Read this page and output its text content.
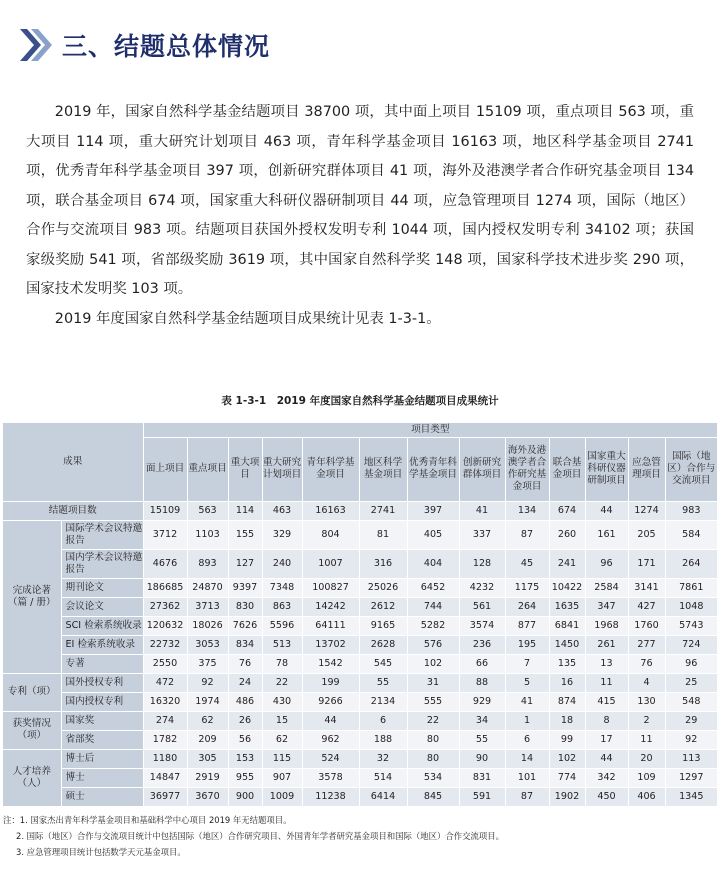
三、结题总体情况

2019 年，国家自然科学基金结题项目 38700 项，其中面上项目 15109 项，重点项目 563 项，重大项目 114 项，重大研究计划项目 463 项，青年科学基金项目 16163 项，地区科学基金项目 2741 项，优秀青年科学基金项目 397 项，创新研究群体项目 41 项，海外及港澳学者合作研究基金项目 134 项，联合基金项目 674 项，国家重大科研仪器研制项目 44 项，应急管理项目 1274 项，国际（地区）合作与交流项目 983 项。结题项目获国外授权发明专利 1044 项，国内授权发明专利 34102 项；获国家级奖励 541 项，省部级奖励 3619 项，其中国家自然科学奖 148 项，国家科学技术进步奖 290 项，国家技术发明奖 103 项。

2019 年度国家自然科学基金结题项目成果统计见表 1-3-1。

表 1-3-1　2019 年度国家自然科学基金结题项目成果统计
成果		项目类型												
		面上项目	重点项目	重大项目	重大研究计划项目	青年科学基金项目	地区科学基金项目	优秀青年科学基金项目	创新研究群体项目	海外及港澳学者合作研究基金项目	联合基金项目	国家重大科研仪器研制项目	应急管理项目	国际（地区）合作与交流项目
结题项目数		15109	563	114	463	16163	2741	397	41	134	674	44	1274	983
完成论著（篇 / 册）	国际学术会议特邀报告	3712	1103	155	329	804	81	405	337	87	260	161	205	584
	国内学术会议特邀报告	4676	893	127	240	1007	316	404	128	45	241	96	171	264
	期刊论文	186685	24870	9397	7348	100827	25026	6452	4232	1175	10422	2584	3141	7861
	会议论文	27362	3713	830	863	14242	2612	744	561	264	1635	347	427	1048
	SCI 检索系统收录	120632	18026	7626	5596	64111	9165	5282	3574	877	6841	1968	1760	5743
	EI 检索系统收录	22732	3053	834	513	13702	2628	576	236	195	1450	261	277	724
	专著	2550	375	76	78	1542	545	102	66	7	135	13	76	96
专利（项）	国外授权专利	472	92	24	22	199	55	31	88	5	16	11	4	25
	国内授权专利	16320	1974	486	430	9266	2134	555	929	41	874	415	130	548
获奖情况（项）	国家奖	274	62	26	15	44	6	22	34	1	18	8	2	29
	省部奖	1782	209	56	62	962	188	80	55	6	99	17	11	92
人才培养（人）	博士后	1180	305	153	115	524	32	80	90	14	102	44	20	113
	博士	14847	2919	955	907	3578	514	534	831	101	774	342	109	1297
	硕士	36977	3670	900	1009	11238	6414	845	591	87	1902	450	406	1345
注：1. 国家杰出青年科学基金项目和基础科学中心项目 2019 年无结题项目。
2. 国际（地区）合作与交流项目统计中包括国际（地区）合作研究项目、外国青年学者研究基金项目和国际（地区）合作交流项目。
3. 应急管理项目统计包括数学天元基金项目。
